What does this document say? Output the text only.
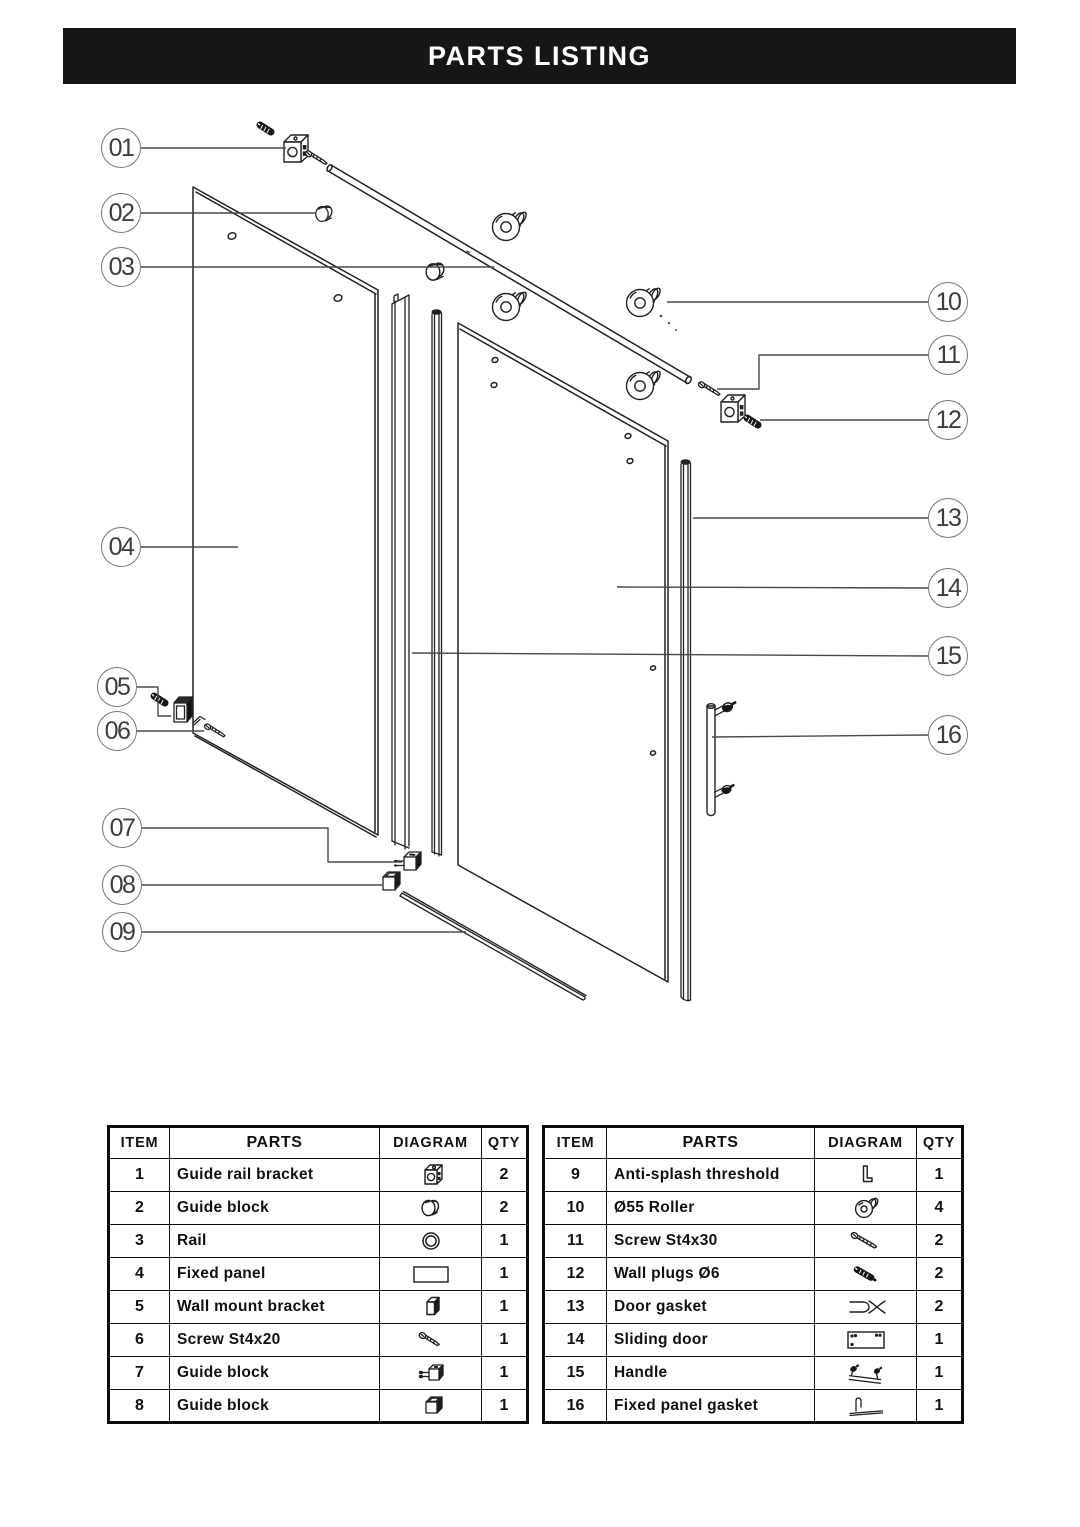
PARTS LISTING
01
02
03
04
05
06
07
08
09
10
11
12
13
14
15
16
ITEM	PARTS	DIAGRAM	QTY
1	Guide rail bracket		2
2	Guide block		2
3	Rail		1
4	Fixed panel		1
5	Wall mount bracket		1
6	Screw St4x20		1
7	Guide block		1
8	Guide block		1
ITEM	PARTS	DIAGRAM	QTY
9	Anti-splash threshold		1
10	Ø55 Roller		4
11	Screw St4x30		2
12	Wall plugs Ø6		2
13	Door gasket		2
14	Sliding door		1
15	Handle		1
16	Fixed panel gasket		1
